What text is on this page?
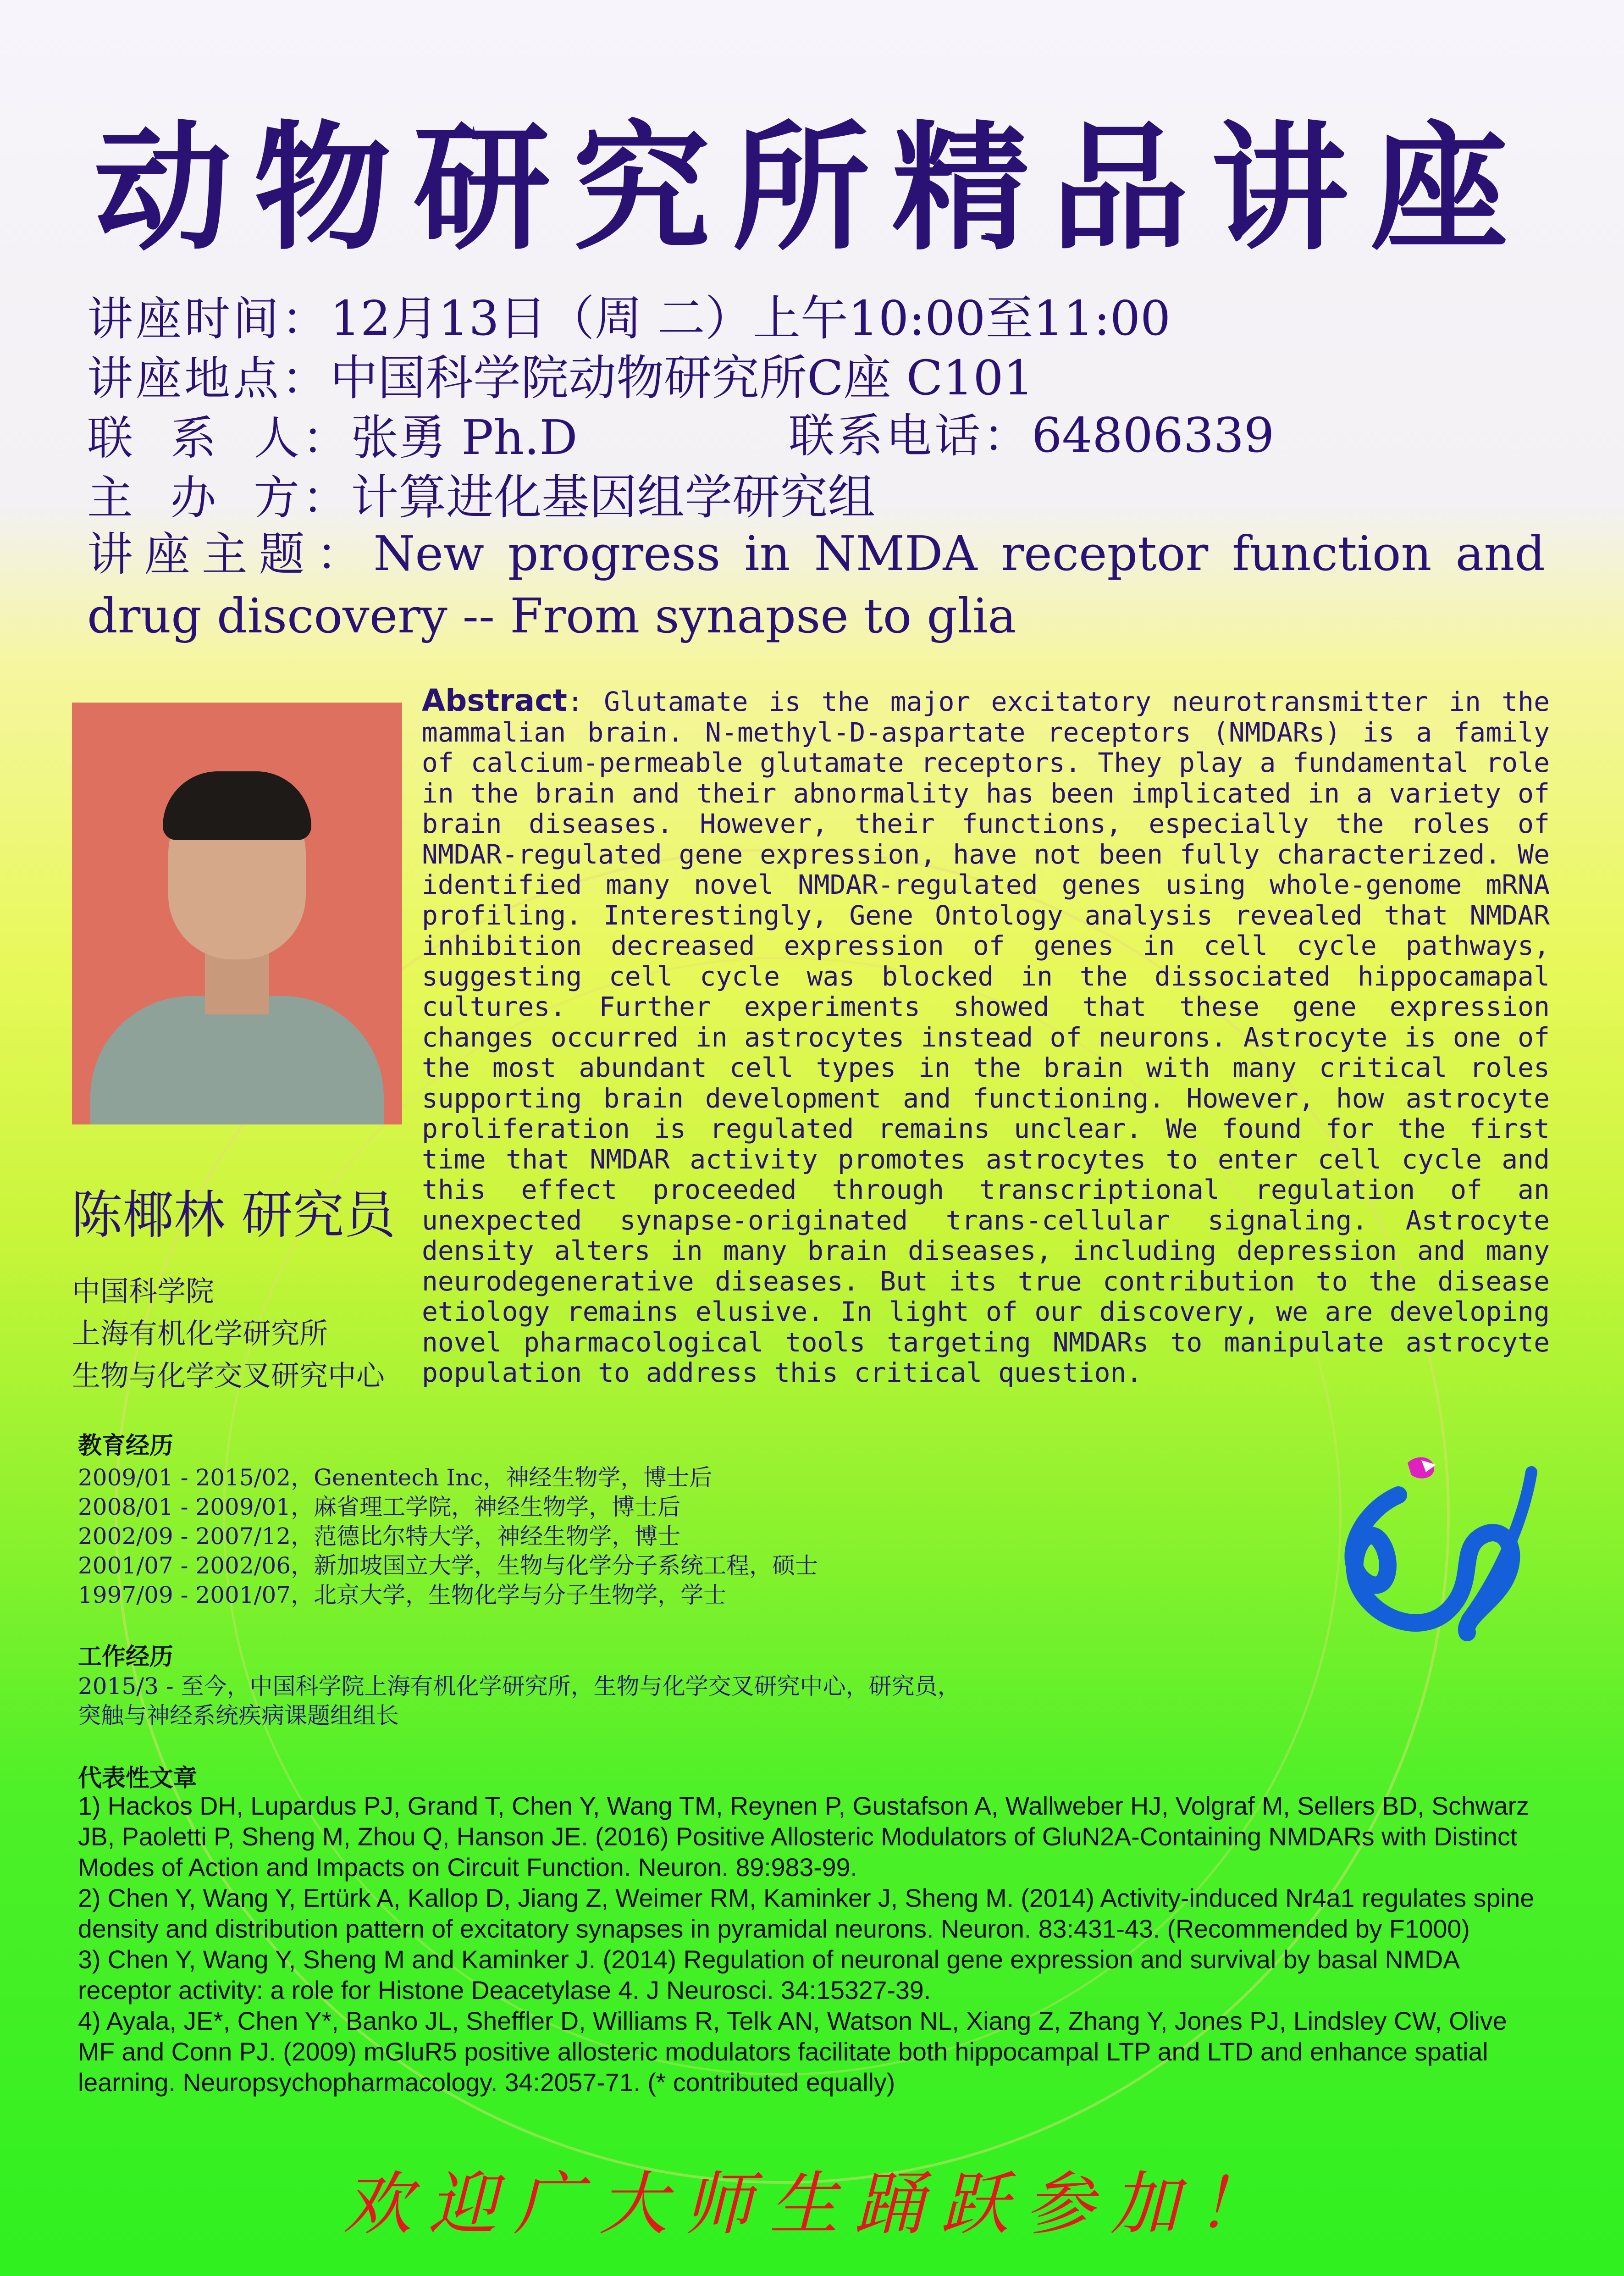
动物研究所精品讲座
讲座时间：12月13日（周 二）上午10:00至11:00
讲座地点：中国科学院动物研究所C座 C101
联  系  人：张勇 Ph.D	联系电话：64806339
主  办  方：计算进化基因组学研究组
讲座主题：New progress in NMDA receptor function and drug discovery -- From synapse to glia
陈椰林 研究员
中国科学院
上海有机化学研究所
生物与化学交叉研究中心
Abstract: Glutamate is the major excitatory neurotransmitter in the mammalian brain. N-methyl-D-aspartate receptors (NMDARs) is a family of calcium-permeable glutamate receptors. They play a fundamental role in the brain and their abnormality has been implicated in a variety of brain diseases. However, their functions, especially the roles of NMDAR-regulated gene expression, have not been fully characterized. We identified many novel NMDAR-regulated genes using whole-genome mRNA profiling. Interestingly, Gene Ontology analysis revealed that NMDAR inhibition decreased expression of genes in cell cycle pathways, suggesting cell cycle was blocked in the dissociated hippocamapal cultures. Further experiments showed that these gene expression changes occurred in astrocytes instead of neurons. Astrocyte is one of the most abundant cell types in the brain with many critical roles supporting brain development and functioning. However, how astrocyte proliferation is regulated remains unclear. We found for the first time that NMDAR activity promotes astrocytes to enter cell cycle and this effect proceeded through transcriptional regulation of an unexpected synapse-originated trans-cellular signaling. Astrocyte density alters in many brain diseases, including depression and many neurodegenerative diseases. But its true contribution to the disease etiology remains elusive. In light of our discovery, we are developing novel pharmacological tools targeting NMDARs to manipulate astrocyte population to address this critical question.
教育经历
2009/01 - 2015/02，Genentech Inc，神经生物学，博士后
2008/01 - 2009/01，麻省理工学院，神经生物学，博士后
2002/09 - 2007/12，范德比尔特大学，神经生物学，博士
2001/07 - 2002/06，新加坡国立大学，生物与化学分子系统工程，硕士
1997/09 - 2001/07，北京大学，生物化学与分子生物学，学士
工作经历
2015/3 - 至今，中国科学院上海有机化学研究所，生物与化学交叉研究中心，研究员，
突触与神经系统疾病课题组组长
代表性文章
1) Hackos DH, Lupardus PJ, Grand T, Chen Y, Wang TM, Reynen P, Gustafson A, Wallweber HJ, Volgraf M, Sellers BD, Schwarz JB, Paoletti P, Sheng M, Zhou Q, Hanson JE. (2016) Positive Allosteric Modulators of GluN2A-Containing NMDARs with Distinct Modes of Action and Impacts on Circuit Function. Neuron. 89:983-99.
2) Chen Y, Wang Y, Ertürk A, Kallop D, Jiang Z, Weimer RM, Kaminker J, Sheng M. (2014) Activity-induced Nr4a1 regulates spine density and distribution pattern of excitatory synapses in pyramidal neurons. Neuron. 83:431-43. (Recommended by F1000)
3) Chen Y, Wang Y, Sheng M and Kaminker J. (2014) Regulation of neuronal gene expression and survival by basal NMDA receptor activity: a role for Histone Deacetylase 4. J Neurosci. 34:15327-39.
4) Ayala, JE*, Chen Y*, Banko JL, Sheffler D, Williams R, Telk AN, Watson NL, Xiang Z, Zhang Y, Jones PJ, Lindsley CW, Olive MF and Conn PJ. (2009) mGluR5 positive allosteric modulators facilitate both hippocampal LTP and LTD and enhance spatial learning. Neuropsychopharmacology. 34:2057-71. (* contributed equally)
欢迎广大师生踊跃参加！
